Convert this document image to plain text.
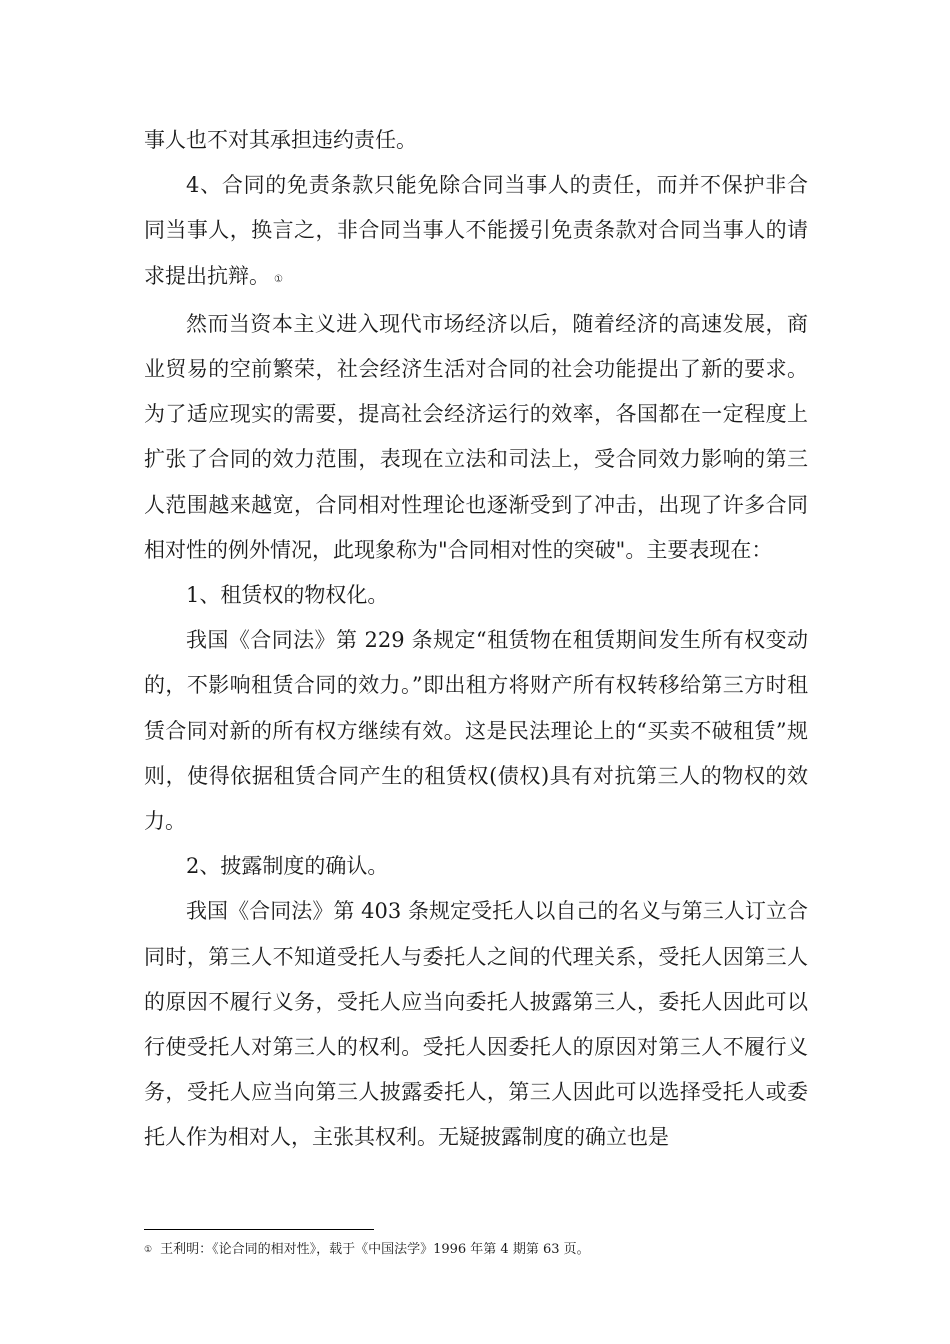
事人也不对其承担违约责任。

4、合同的免责条款只能免除合同当事人的责任，而并不保护非合同当事人，换言之，非合同当事人不能援引免责条款对合同当事人的请求提出抗辩。 ①

然而当资本主义进入现代市场经济以后，随着经济的高速发展，商业贸易的空前繁荣，社会经济生活对合同的社会功能提出了新的要求。为了适应现实的需要，提高社会经济运行的效率，各国都在一定程度上扩张了合同的效力范围，表现在立法和司法上，受合同效力影响的第三人范围越来越宽，合同相对性理论也逐渐受到了冲击，出现了许多合同相对性的例外情况，此现象称为"合同相对性的突破"。主要表现在：

1、租赁权的物权化。

我国《合同法》第 229 条规定“租赁物在租赁期间发生所有权变动的，不影响租赁合同的效力。”即出租方将财产所有权转移给第三方时租赁合同对新的所有权方继续有效。这是民法理论上的“买卖不破租赁”规则，使得依据租赁合同产生的租赁权(债权)具有对抗第三人的物权的效力。

2、披露制度的确认。

我国《合同法》第 403 条规定受托人以自己的名义与第三人订立合同时，第三人不知道受托人与委托人之间的代理关系，受托人因第三人的原因不履行义务，受托人应当向委托人披露第三人，委托人因此可以行使受托人对第三人的权利。受托人因委托人的原因对第三人不履行义务，受托人应当向第三人披露委托人，第三人因此可以选择受托人或委托人作为相对人，主张其权利。无疑披露制度的确立也是

① 王利明：《论合同的相对性》，载于《中国法学》1996 年第 4 期第 63 页。
